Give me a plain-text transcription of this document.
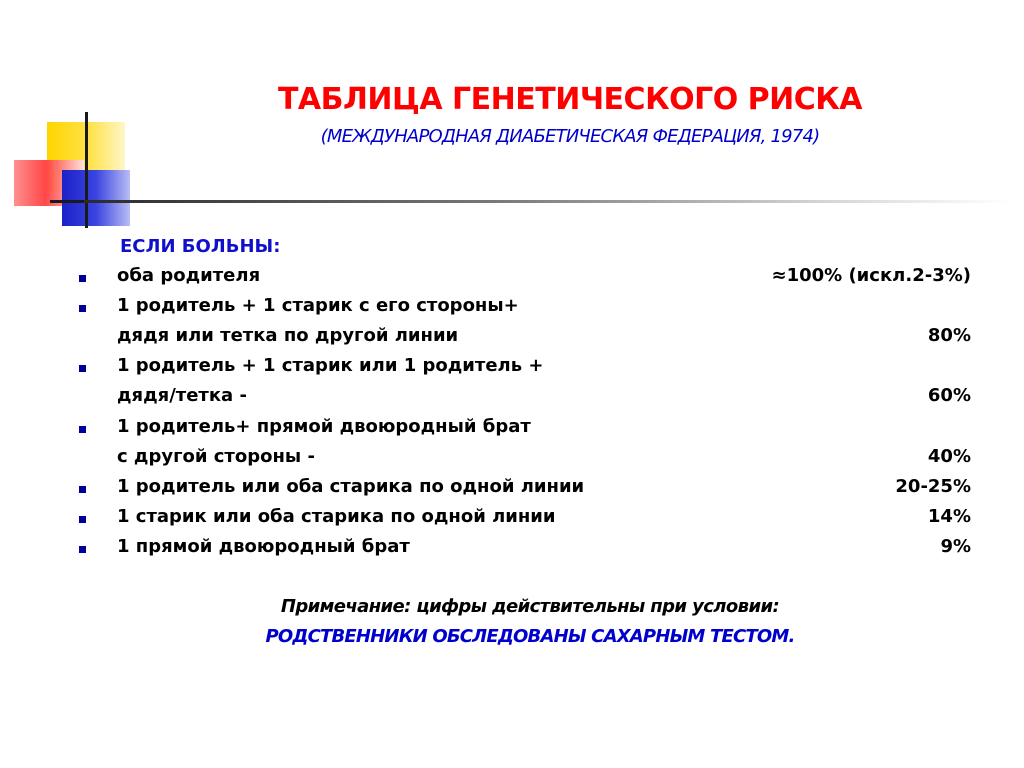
ТАБЛИЦА ГЕНЕТИЧЕСКОГО РИСКА
(МЕЖДУНАРОДНАЯ ДИАБЕТИЧЕСКАЯ ФЕДЕРАЦИЯ, 1974)
ЕСЛИ БОЛЬНЫ:
оба родителя	≈100% (искл.2-3%)
1 родитель + 1 старик с его стороны+
дядя или тетка по другой линии	80%
1 родитель + 1 старик или 1 родитель +
дядя/тетка -	60%
1 родитель+ прямой двоюродный брат
с другой стороны -	40%
1 родитель или оба старика по одной линии	20-25%
1 старик или оба старика по одной линии	14%
1 прямой двоюродный брат	9%
Примечание: цифры действительны при условии:
РОДСТВЕННИКИ ОБСЛЕДОВАНЫ САХАРНЫМ ТЕСТОМ.
